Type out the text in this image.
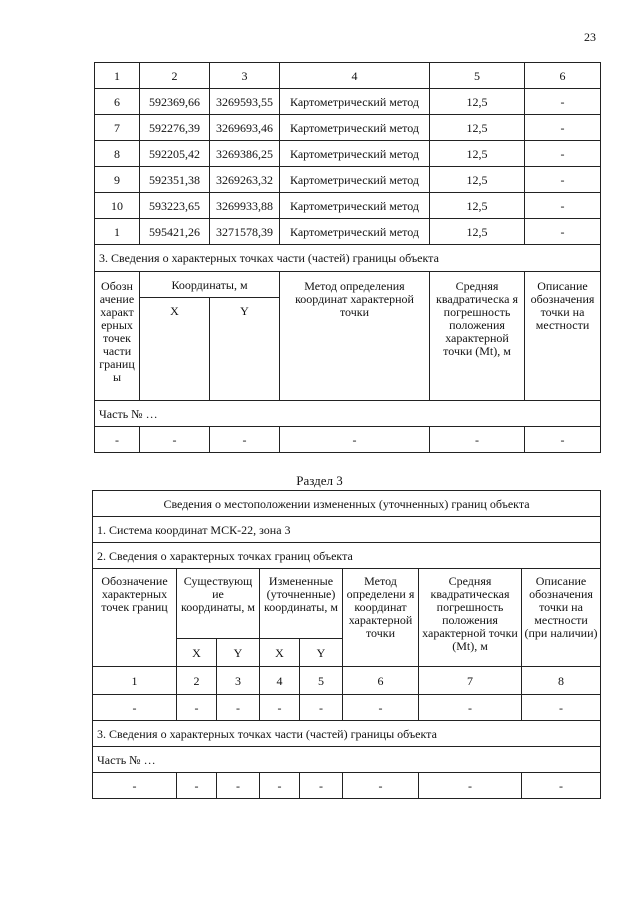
23
1	2	3	4	5	6
6	592369,66	3269593,55	Картометрический метод	12,5	-
7	592276,39	3269693,46	Картометрический метод	12,5	-
8	592205,42	3269386,25	Картометрический метод	12,5	-
9	592351,38	3269263,32	Картометрический метод	12,5	-
10	593223,65	3269933,88	Картометрический метод	12,5	-
1	595421,26	3271578,39	Картометрический метод	12,5	-
3. Сведения о характерных точках части (частей) границы объекта					
Обозн ачение характ ерных точек части границ ы	Координаты, м		Метод определения координат характерной точки	Средняя квадратическа я погрешность положения характерной точки (Mt), м	Описание обозначения точки на местности
	X	Y			
Часть № …					
-	-	-	-	-	-
Раздел 3
Сведения о местоположении измененных (уточненных) границ объекта							
1. Система координат МСК-22, зона 3							
2. Сведения о характерных точках границ объекта							
Обозначение характерных точек границ	Существующ ие координаты, м		Измененные (уточненные) координаты, м		Метод определени я координат характерной точки	Средняя квадратическая погрешность положения характерной точки (Mt), м	Описание обозначения точки на местности (при наличии)
	X	Y	X	Y			
1	2	3	4	5	6	7	8
-	-	-	-	-	-	-	-
3. Сведения о характерных точках части (частей) границы объекта							
Часть № …							
-	-	-	-	-	-	-	-
